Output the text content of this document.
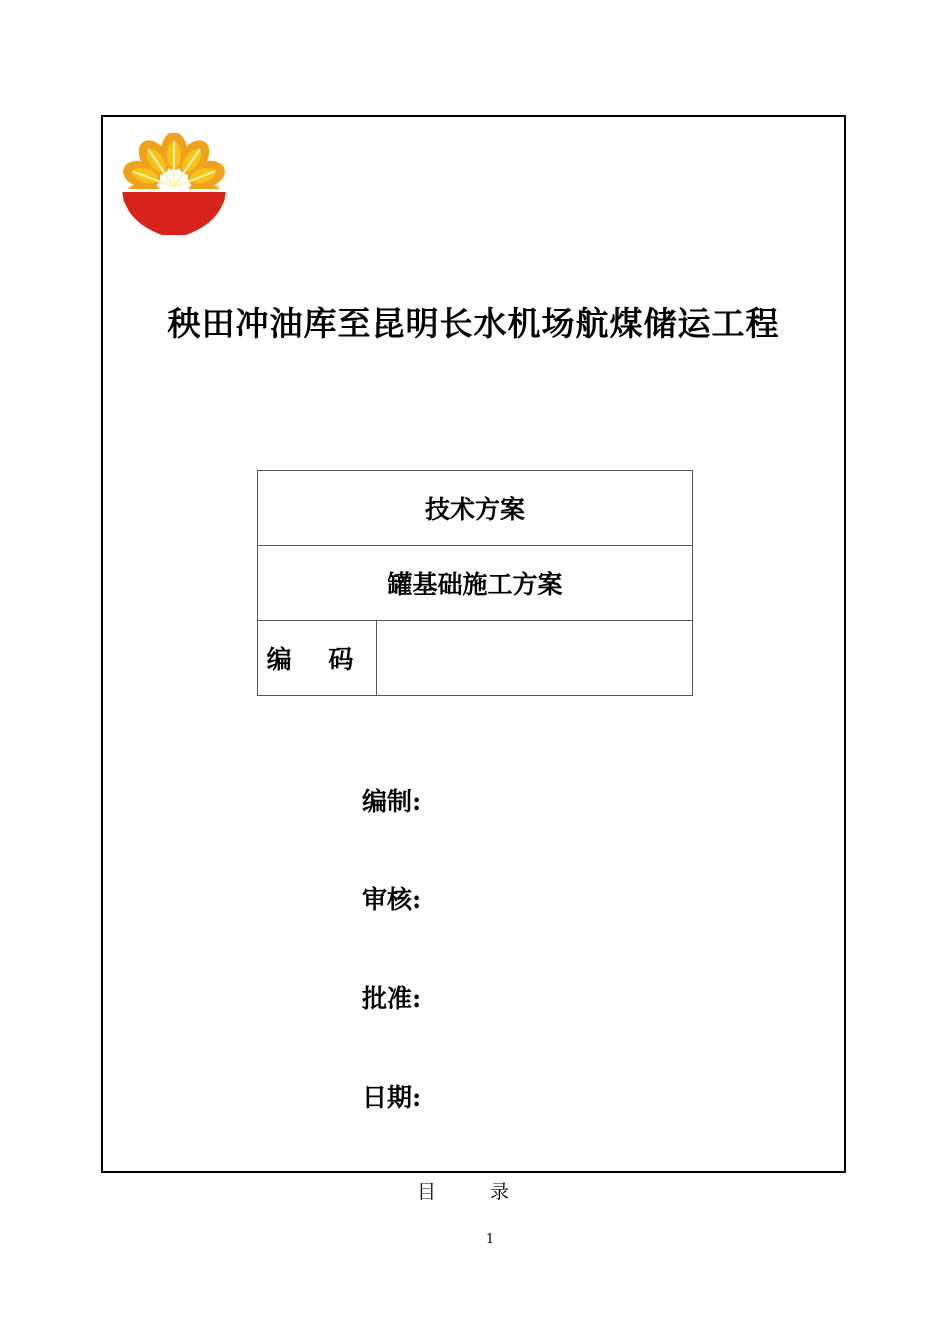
秧田冲油库至昆明长水机场航煤储运工程
技术方案
罐基础施工方案
编 码	
编制:
审核:
批准:
日期:
目 录
1
